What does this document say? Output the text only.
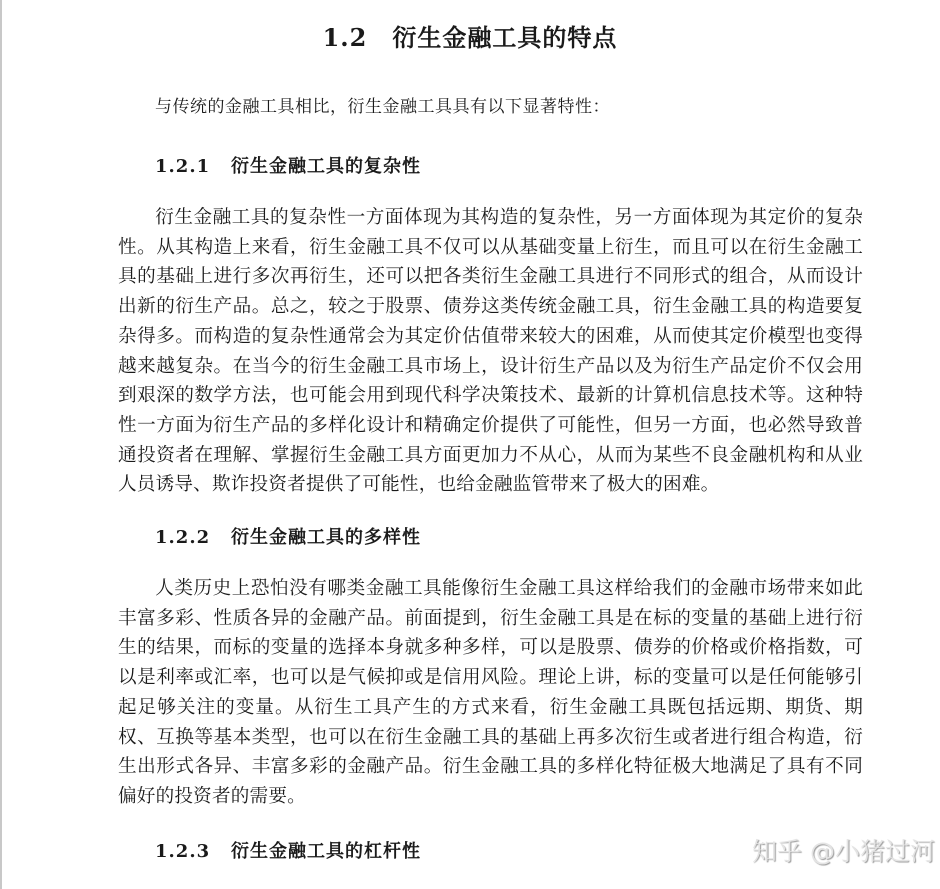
1.2　衍生金融工具的特点
与传统的金融工具相比，衍生金融工具具有以下显著特性：
1.2.1 衍生金融工具的复杂性

衍生金融工具的复杂性一方面体现为其构造的复杂性，另一方面体现为其定价的复杂性。从其构造上来看，衍生金融工具不仅可以从基础变量上衍生，而且可以在衍生金融工具的基础上进行多次再衍生，还可以把各类衍生金融工具进行不同形式的组合，从而设计出新的衍生产品。总之，较之于股票、债券这类传统金融工具，衍生金融工具的构造要复杂得多。而构造的复杂性通常会为其定价估值带来较大的困难，从而使其定价模型也变得越来越复杂。在当今的衍生金融工具市场上，设计衍生产品以及为衍生产品定价不仅会用到艰深的数学方法，也可能会用到现代科学决策技术、最新的计算机信息技术等。这种特性一方面为衍生产品的多样化设计和精确定价提供了可能性，但另一方面，也必然导致普通投资者在理解、掌握衍生金融工具方面更加力不从心，从而为某些不良金融机构和从业人员诱导、欺诈投资者提供了可能性，也给金融监管带来了极大的困难。

1.2.2 衍生金融工具的多样性

人类历史上恐怕没有哪类金融工具能像衍生金融工具这样给我们的金融市场带来如此丰富多彩、性质各异的金融产品。前面提到，衍生金融工具是在标的变量的基础上进行衍生的结果，而标的变量的选择本身就多种多样，可以是股票、债券的价格或价格指数，可以是利率或汇率，也可以是气候抑或是信用风险。理论上讲，标的变量可以是任何能够引起足够关注的变量。从衍生工具产生的方式来看，衍生金融工具既包括远期、期货、期权、互换等基本类型，也可以在衍生金融工具的基础上再多次衍生或者进行组合构造，衍生出形式各异、丰富多彩的金融产品。衍生金融工具的多样化特征极大地满足了具有不同偏好的投资者的需要。

1.2.3 衍生金融工具的杠杆性	知乎 @小猪过河
